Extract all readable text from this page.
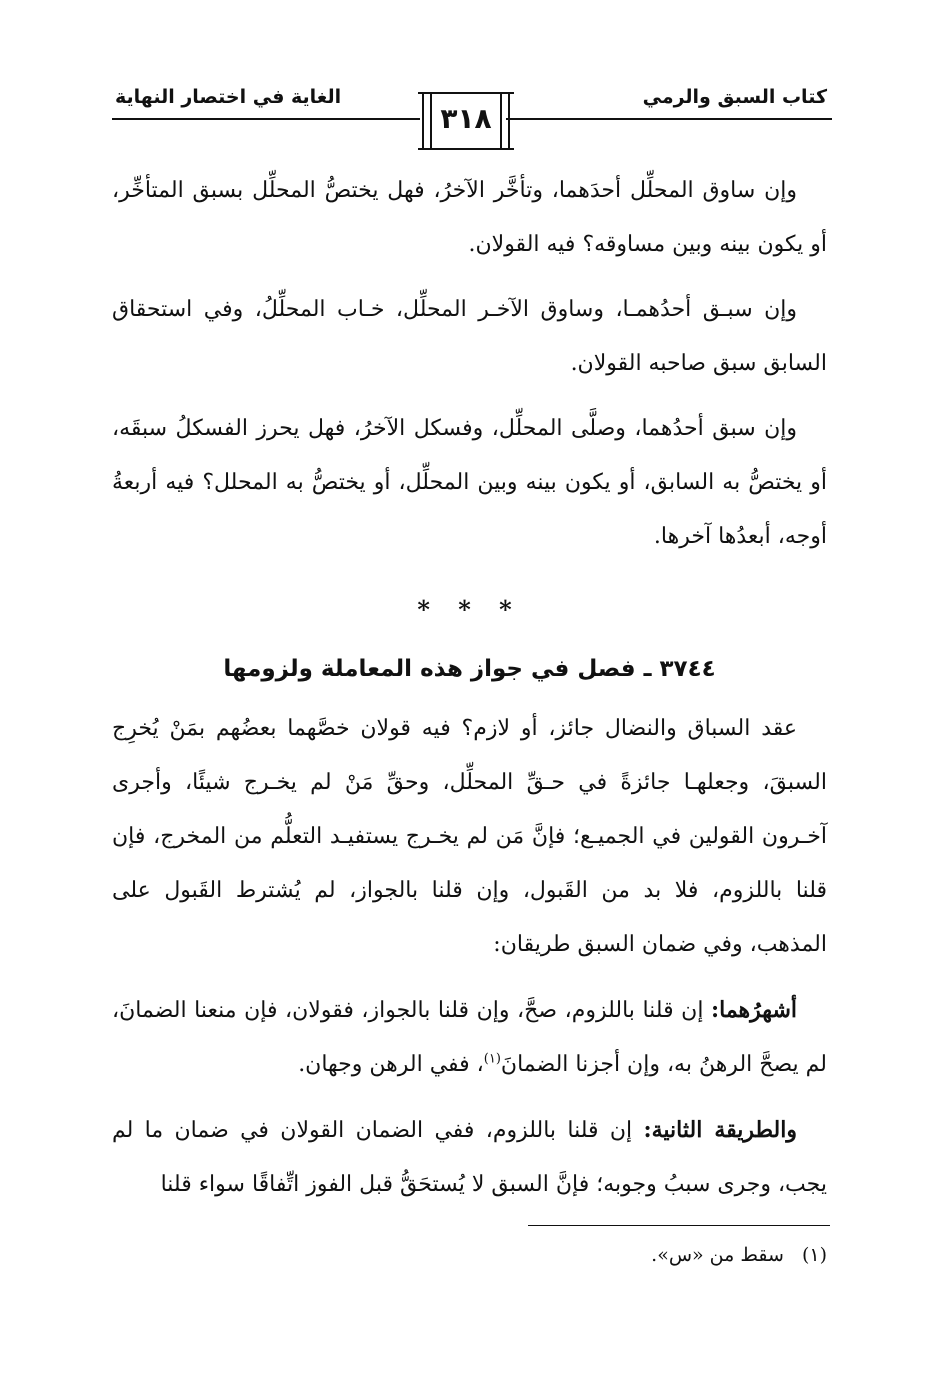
كتاب السبق والرمي
الغاية في اختصار النهاية
٣١٨

وإن ساوق المحلِّل أحدَهما، وتأخَّر الآخرُ، فهل يختصُّ المحلِّل بسبق المتأخِّر، أو يكون بينه وبين مساوقه؟ فيه القولان.

وإن سبـق أحدُهمـا، وساوق الآخـر المحلِّل، خـاب المحلِّلُ، وفي استحقاق السابق سبق صاحبه القولان.

وإن سبق أحدُهما، وصلَّى المحلِّل، وفسكل الآخرُ، فهل يحرز الفسكلُ سبقَه، أو يختصُّ به السابق، أو يكون بينه وبين المحلِّل، أو يختصُّ به المحلل؟ فيه أربعةُ أوجه، أبعدُها آخرها.

* * *
٣٧٤٤ ـ فصل في جواز هذه المعاملة ولزومها

عقد السباق والنضال جائز، أو لازم؟ فيه قولان خصَّهما بعضُهم بمَنْ يُخرِج السبقَ، وجعلهـا جائزةً في حـقِّ المحلِّل، وحقِّ مَنْ لم يخـرج شيئًا، وأجرى آخـرون القولين في الجميـع؛ فإنَّ مَن لم يخـرج يستفيـد التعلُّم من المخرج، فإن قلنا باللزوم، فلا بد من القَبول، وإن قلنا بالجواز، لم يُشترط القَبول على المذهب، وفي ضمان السبق طريقان:

أشهرُهما: إن قلنا باللزوم، صحَّ، وإن قلنا بالجواز، فقولان، فإن منعنا الضمانَ، لم يصحَّ الرهنُ به، وإن أجزنا الضمانَ$^{(١)}$، ففي الرهن وجهان.

والطريقة الثانية: إن قلنا باللزوم، ففي الضمان القولان في ضمان ما لم يجب، وجرى سببُ وجوبه؛ فإنَّ السبق لا يُستحَقُّ قبل الفوز اتِّفاقًا سواء قلنا

(١)سقط من «س».
